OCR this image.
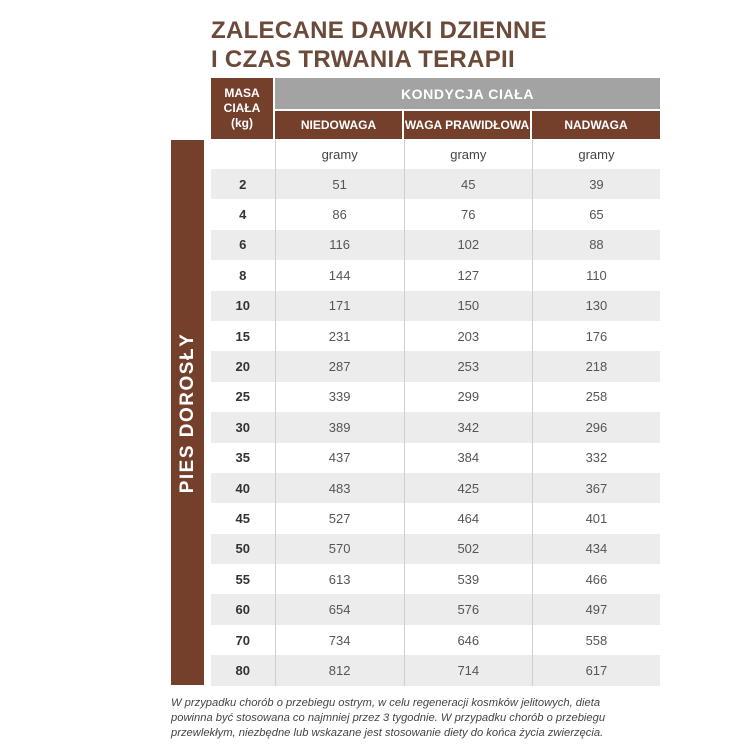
ZALECANE DAWKI DZIENNE
I CZAS TRWANIA TERAPII
MASA
CIAŁA
(kg)
KONDYCJA CIAŁA
NIEDOWAGA	WAGA PRAWIDŁOWA	NADWAGA
PIES DOROSŁY
gramy	gramy	gramy
2	51	45	39
4	86	76	65
6	116	102	88
8	144	127	110
10	171	150	130
15	231	203	176
20	287	253	218
25	339	299	258
30	389	342	296
35	437	384	332
40	483	425	367
45	527	464	401
50	570	502	434
55	613	539	466
60	654	576	497
70	734	646	558
80	812	714	617

W przypadku chorób o przebiegu ostrym, w celu regeneracji kosmków jelitowych, dieta
powinna być stosowana co najmniej przez 3 tygodnie. W przypadku chorób o przebiegu
przewlekłym, niezbędne lub wskazane jest stosowanie diety do końca życia zwierzęcia.
